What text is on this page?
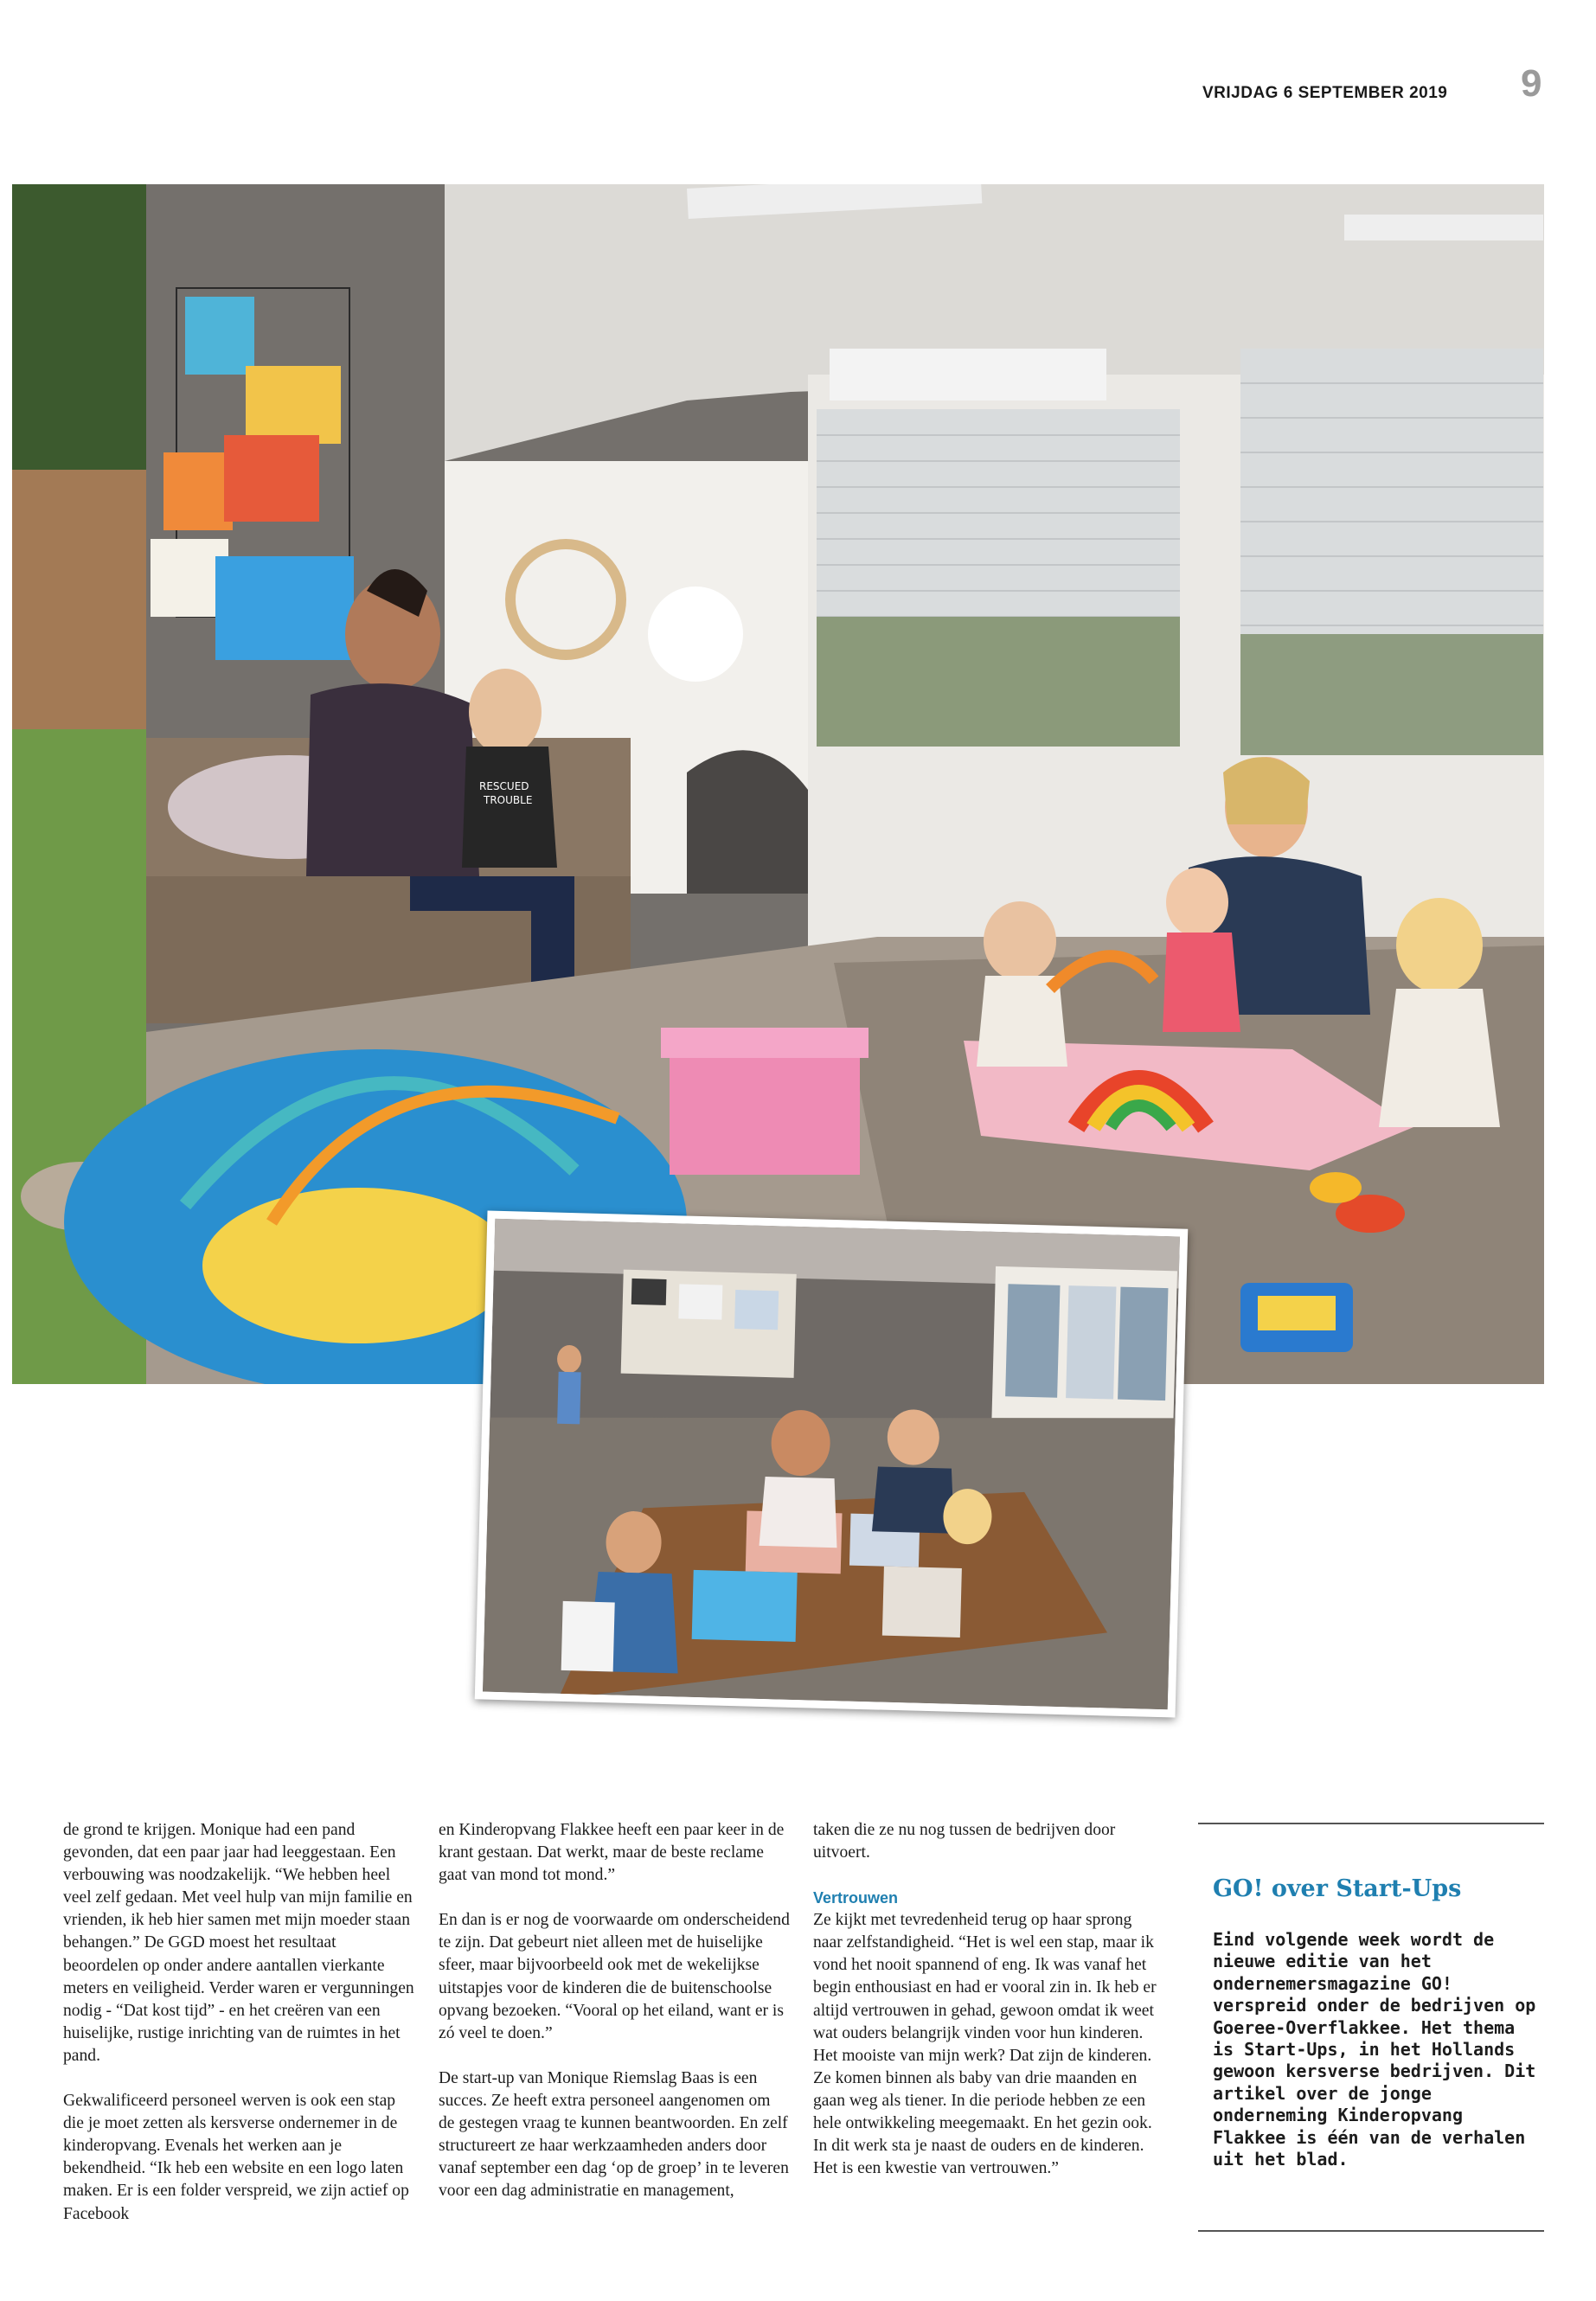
VRIJDAG 6 SEPTEMBER 2019	9
RESCUED
TROUBLE

de grond te krijgen. Monique had een pand gevonden, dat een paar jaar had leeggestaan. Een verbouwing was noodzakelijk. “We hebben heel veel zelf gedaan. Met veel hulp van mijn familie en vrienden, ik heb hier samen met mijn moeder staan behangen.” De GGD moest het resultaat beoordelen op onder andere aantallen vierkante meters en veiligheid. Verder waren er vergunningen nodig - “Dat kost tijd” - en het creëren van een huiselijke, rustige inrichting van de ruimtes in het pand.

Gekwalificeerd personeel werven is ook een stap die je moet zetten als kersverse ondernemer in de kinderopvang. Evenals het werken aan je bekendheid. “Ik heb een website en een logo laten maken. Er is een folder verspreid, we zijn actief op Facebook

en Kinderopvang Flakkee heeft een paar keer in de krant gestaan. Dat werkt, maar de beste reclame gaat van mond tot mond.”

En dan is er nog de voorwaarde om onderscheidend te zijn. Dat gebeurt niet alleen met de huiselijke sfeer, maar bijvoorbeeld ook met de wekelijkse uitstapjes voor de kinderen die de buitenschoolse opvang bezoeken. “Vooral op het eiland, want er is zó veel te doen.”

De start-up van Monique Riemslag Baas is een succes. Ze heeft extra personeel aangenomen om de gestegen vraag te kunnen beantwoorden. En zelf structureert ze haar werkzaamheden anders door vanaf september een dag ‘op de groep’ in te leveren voor een dag administratie en management,

taken die ze nu nog tussen de bedrijven door uitvoert.

Vertrouwen

Ze kijkt met tevredenheid terug op haar sprong naar zelfstandigheid. “Het is wel een stap, maar ik vond het nooit spannend of eng. Ik was vanaf het begin enthousiast en had er vooral zin in. Ik heb er altijd vertrouwen in gehad, gewoon omdat ik weet wat ouders belangrijk vinden voor hun kinderen. Het mooiste van mijn werk? Dat zijn de kinderen. Ze komen binnen als baby van drie maanden en gaan weg als tiener. In die periode hebben ze een hele ontwikkeling meegemaakt. En het gezin ook. In dit werk sta je naast de ouders en de kinderen. Het is een kwestie van vertrouwen.”

GO! over Start-Ups
Eind volgende week wordt de nieuwe editie van het ondernemersmagazine GO! verspreid onder de bedrijven op Goeree-Overflakkee. Het thema is Start-Ups, in het Hollands gewoon kersverse bedrijven. Dit artikel over de jonge onderneming Kinderopvang Flakkee is één van de verhalen uit het blad.
